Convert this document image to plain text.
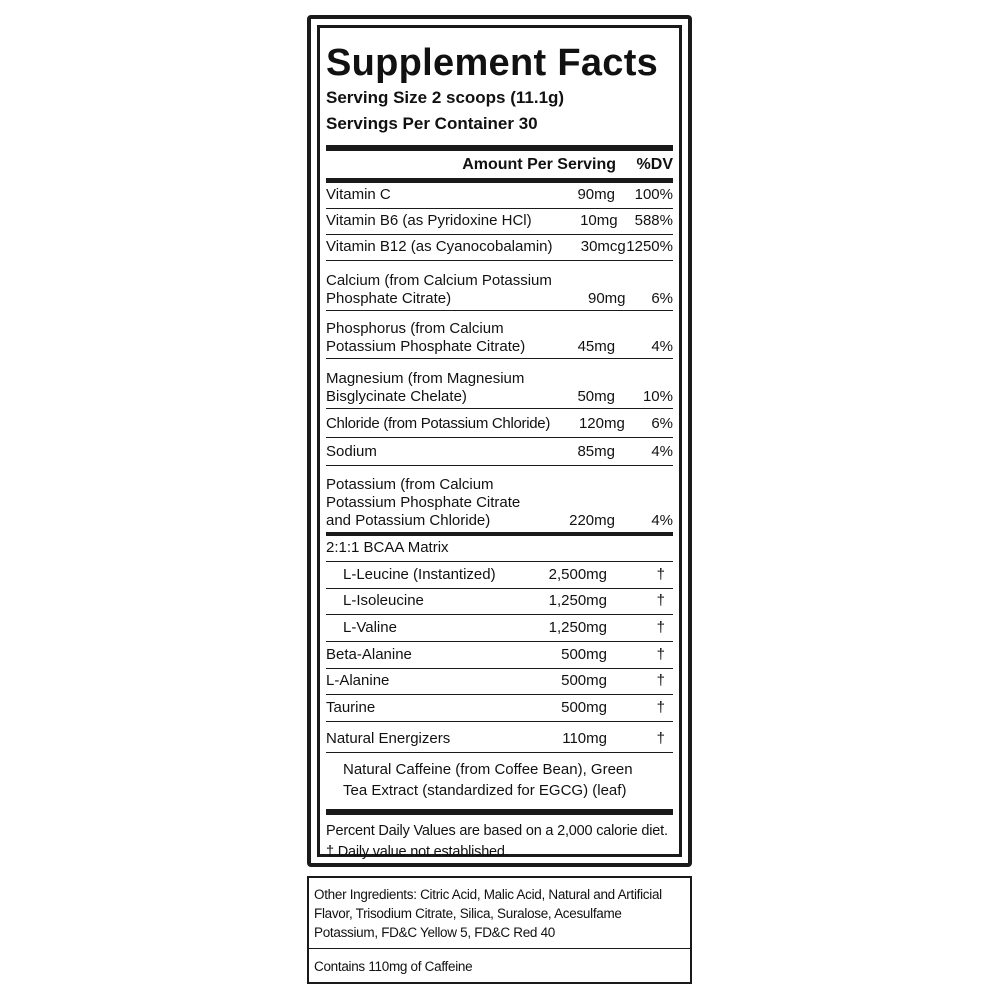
Supplement Facts
Serving Size 2 scoops (11.1g)
Servings Per Container 30
Amount Per Serving	%DV
Vitamin C	90mg	100%
Vitamin B6 (as Pyridoxine HCl)	10mg	588%
Vitamin B12 (as Cyanocobalamin)	30mcg 1250%
Calcium (from Calcium Potassium
Phosphate Citrate)	90mg	6%
Phosphorus (from Calcium
Potassium Phosphate Citrate)	45mg	4%
Magnesium (from Magnesium
Bisglycinate Chelate)	50mg	10%
Chloride (from Potassium Chloride)	120mg	6%
Sodium	85mg	4%
Potassium (from Calcium
Potassium Phosphate Citrate
and Potassium Chloride)	220mg	4%
2:1:1 BCAA Matrix
L-Leucine (Instantized)	2,500mg	†
L-Isoleucine	1,250mg	†
L-Valine	1,250mg	†
Beta-Alanine	500mg	†
L-Alanine	500mg	†
Taurine	500mg	†
Natural Energizers	110mg	†
Natural Caffeine (from Coffee Bean), Green
Tea Extract (standardized for EGCG) (leaf)
Percent Daily Values are based on a 2,000 calorie diet.
† Daily value not established.
Other Ingredients: Citric Acid, Malic Acid, Natural and Artificial
Flavor, Trisodium Citrate, Silica, Suralose, Acesulfame
Potassium, FD&C Yellow 5, FD&C Red 40
Contains 110mg of Caffeine
